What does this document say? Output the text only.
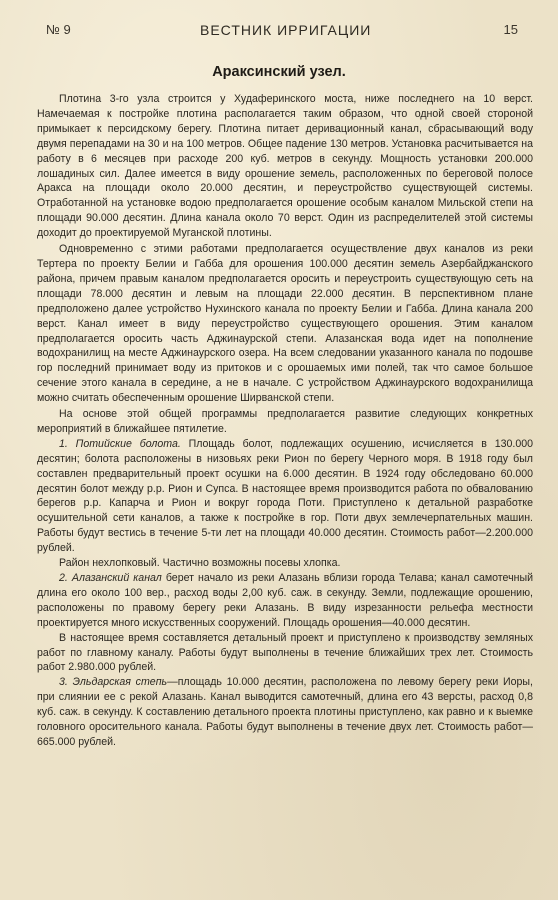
№ 9	ВЕСТНИК ИРРИГАЦИИ	15
Араксинский узел.

Плотина 3-го узла строится у Худаферинского моста, ниже последнего на 10 верст. Намечаемая к постройке плотина располагается таким образом, что одной своей стороной примыкает к персидскому берегу. Плотина питает деривационный канал, сбрасывающий воду двумя перепадами на 30 и на 100 метров. Общее падение 130 метров. Установка расчитывается на работу в 6 месяцев при расходе 200 куб. метров в секунду. Мощность установки 200.000 лошадиных сил. Далее имеется в виду орошение земель, расположенных по береговой полосе Аракса на площади около 20.000 десятин, и переустройство существующей системы. Отработанной на установке водою предполагается орошение особым каналом Мильской степи на площади 90.000 десятин. Длина канала около 70 верст. Один из распределителей этой системы доходит до проектируемой Муганской плотины.

Одновременно с этими работами предполагается осуществление двух каналов из реки Тертера по проекту Белии и Габба для орошения 100.000 десятин земель Азербайджанского района, причем правым каналом предполагается оросить и переустроить существующую сеть на площади 78.000 десятин и левым на площади 22.000 десятин. В перспективном плане предположено далее устройство Нухинского канала по проекту Белии и Габба. Длина канала 200 верст. Канал имеет в виду переустройство существующего орошения. Этим каналом предполагается оросить часть Аджинаурской степи. Алазанская вода идет на пополнение водохранилищ на месте Аджинаурского озера. На всем следовании указанного канала по подошве гор последний принимает воду из притоков и с орошаемых ими полей, так что самое большое сечение этого канала в середине, а не в начале. С устройством Аджинаурского водохранилища можно считать обеспеченным орошение Ширванской степи.

На основе этой общей программы предполагается развитие следующих конкретных мероприятий в ближайшее пятилетие.

1. Потийские болота. Площадь болот, подлежащих осушению, исчисляется в 130.000 десятин; болота расположены в низовьях реки Рион по берегу Черного моря. В 1918 году был составлен предварительный проект осушки на 6.000 десятин. В 1924 году обследовано 60.000 десятин болот между р.р. Рион и Супса. В настоящее время производится работа по обвалованию берегов р.р. Капарча и Рион и вокруг города Поти. Приступлено к детальной разработке осушительной сети каналов, а также к постройке в гор. Поти двух землечерпательных машин. Работы будут вестись в течение 5-ти лет на площади 40.000 десятин. Стоимость работ—2.200.000 рублей.

Район нехлопковый. Частично возможны посевы хлопка.

2. Алазанский канал берет начало из реки Алазань вблизи города Телава; канал самотечный длина его около 100 вер., расход воды 2,00 куб. саж. в секунду. Земли, подлежащие орошению, расположены по правому берегу реки Алазань. В виду изрезанности рельефа местности проектируется много искусственных сооружений. Площадь орошения—40.000 десятин.

В настоящее время составляется детальный проект и приступлено к производству земляных работ по главному каналу. Работы будут выполнены в течение ближайших трех лет. Стоимость работ 2.980.000 рублей.

3. Эльдарская степь—площадь 10.000 десятин, расположена по левому берегу реки Иоры, при слиянии ее с рекой Алазань. Канал выводится самотечный, длина его 43 версты, расход 0,8 куб. саж. в секунду. К составлению детального проекта плотины приступлено, как равно и к выемке головного оросительного канала. Работы будут выполнены в течение двух лет. Стоимость работ—665.000 рублей.
